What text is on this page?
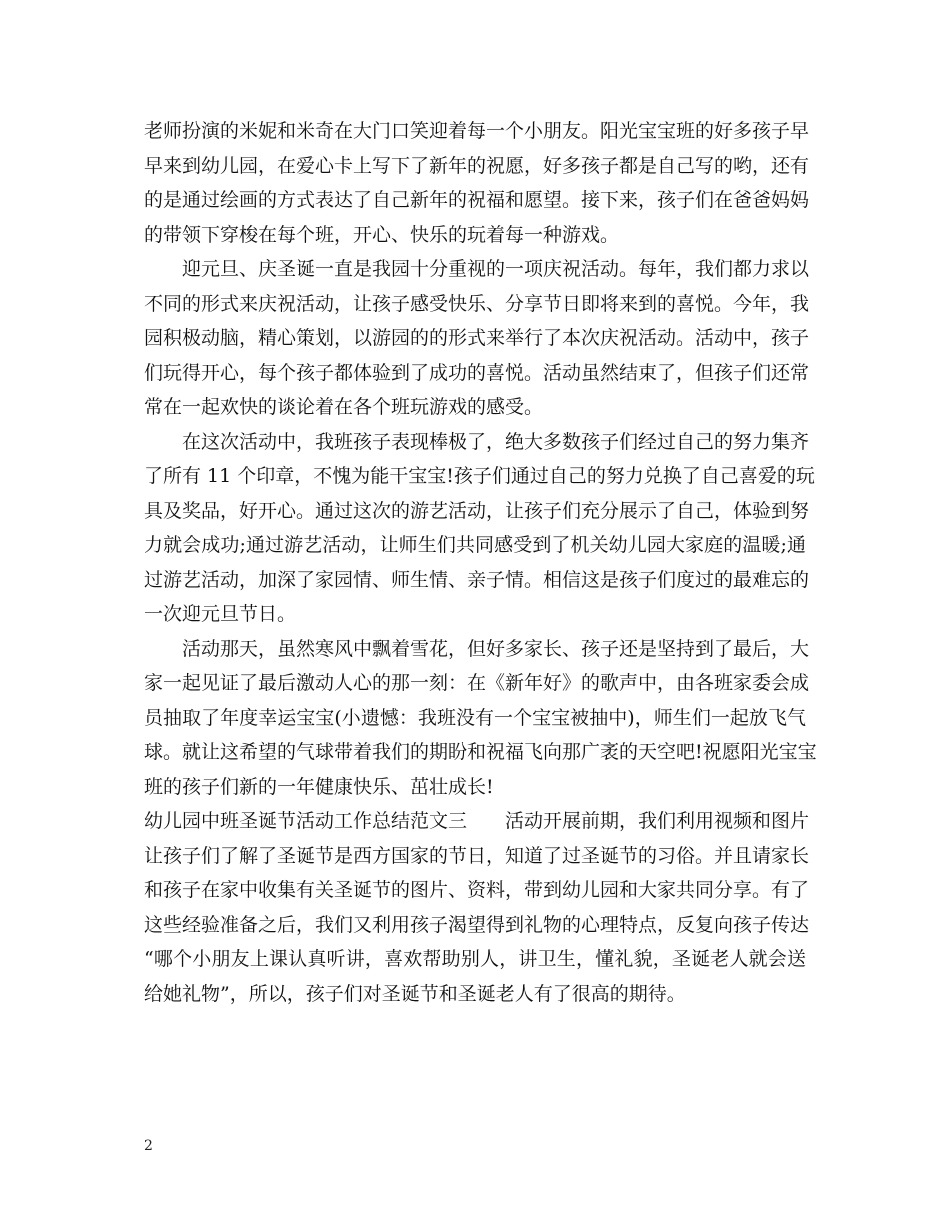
老师扮演的米妮和米奇在大门口笑迎着每一个小朋友。阳光宝宝班的好多孩子早
早来到幼儿园，在爱心卡上写下了新年的祝愿，好多孩子都是自己写的哟，还有
的是通过绘画的方式表达了自己新年的祝福和愿望。接下来，孩子们在爸爸妈妈
的带领下穿梭在每个班，开心、快乐的玩着每一种游戏。
　　迎元旦、庆圣诞一直是我园十分重视的一项庆祝活动。每年，我们都力求以
不同的形式来庆祝活动，让孩子感受快乐、分享节日即将来到的喜悦。今年，我
园积极动脑，精心策划，以游园的的形式来举行了本次庆祝活动。活动中，孩子
们玩得开心，每个孩子都体验到了成功的喜悦。活动虽然结束了，但孩子们还常
常在一起欢快的谈论着在各个班玩游戏的感受。
　　在这次活动中，我班孩子表现棒极了，绝大多数孩子们经过自己的努力集齐
了所有 11 个印章，不愧为能干宝宝!孩子们通过自己的努力兑换了自己喜爱的玩
具及奖品，好开心。通过这次的游艺活动，让孩子们充分展示了自己，体验到努
力就会成功;通过游艺活动，让师生们共同感受到了机关幼儿园大家庭的温暖;通
过游艺活动，加深了家园情、师生情、亲子情。相信这是孩子们度过的最难忘的
一次迎元旦节日。
　　活动那天，虽然寒风中飘着雪花，但好多家长、孩子还是坚持到了最后，大
家一起见证了最后激动人心的那一刻：在《新年好》的歌声中，由各班家委会成
员抽取了年度幸运宝宝(小遗憾：我班没有一个宝宝被抽中)，师生们一起放飞气
球。就让这希望的气球带着我们的期盼和祝福飞向那广袤的天空吧!祝愿阳光宝宝
班的孩子们新的一年健康快乐、茁壮成长!
幼儿园中班圣诞节活动工作总结范文三　　活动开展前期，我们利用视频和图片
让孩子们了解了圣诞节是西方国家的节日，知道了过圣诞节的习俗。并且请家长
和孩子在家中收集有关圣诞节的图片、资料，带到幼儿园和大家共同分享。有了
这些经验准备之后，我们又利用孩子渴望得到礼物的心理特点，反复向孩子传达
“哪个小朋友上课认真听讲，喜欢帮助别人，讲卫生，懂礼貌，圣诞老人就会送
给她礼物”，所以，孩子们对圣诞节和圣诞老人有了很高的期待。
2
